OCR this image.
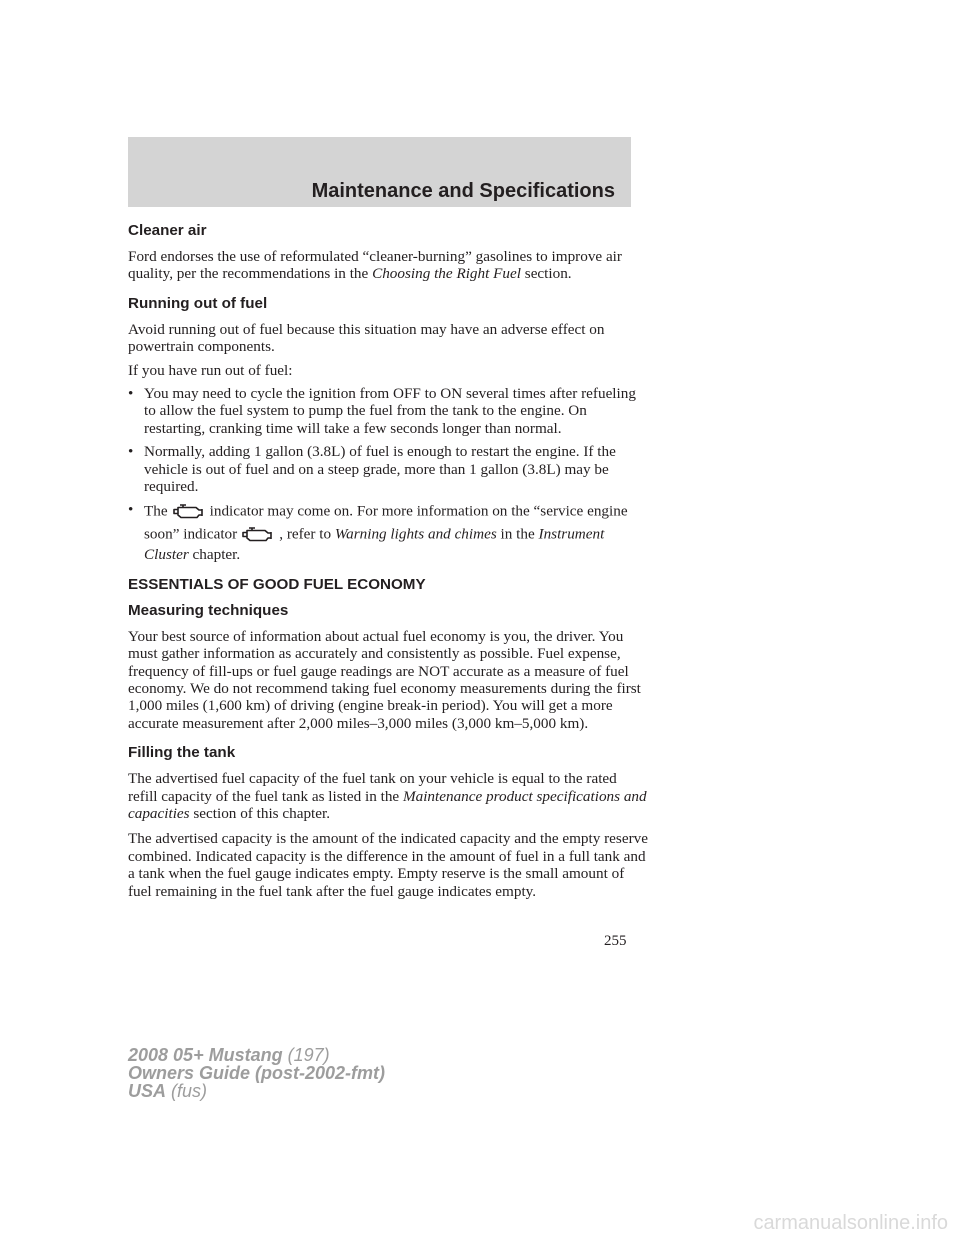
Maintenance and Specifications
Cleaner air

Ford endorses the use of reformulated “cleaner-burning” gasolines to improve air quality, per the recommendations in the Choosing the Right Fuel section.

Running out of fuel

Avoid running out of fuel because this situation may have an adverse effect on powertrain components.

If you have run out of fuel:

• You may need to cycle the ignition from OFF to ON several times after refueling to allow the fuel system to pump the fuel from the tank to the engine. On restarting, cranking time will take a few seconds longer than normal.
• Normally, adding 1 gallon (3.8L) of fuel is enough to restart the engine. If the vehicle is out of fuel and on a steep grade, more than 1 gallon (3.8L) may be required.
• The	indicator may come on. For more information on the “service engine soon” indicator	, refer to Warning lights and chimes in the Instrument Cluster chapter.
ESSENTIALS OF GOOD FUEL ECONOMY
Measuring techniques

Your best source of information about actual fuel economy is you, the driver. You must gather information as accurately and consistently as possible. Fuel expense, frequency of fill-ups or fuel gauge readings are NOT accurate as a measure of fuel economy. We do not recommend taking fuel economy measurements during the first 1,000 miles (1,600 km) of driving (engine break-in period). You will get a more accurate measurement after 2,000 miles–3,000 miles (3,000 km–5,000 km).

Filling the tank

The advertised fuel capacity of the fuel tank on your vehicle is equal to the rated refill capacity of the fuel tank as listed in the Maintenance product specifications and capacities section of this chapter.

The advertised capacity is the amount of the indicated capacity and the empty reserve combined. Indicated capacity is the difference in the amount of fuel in a full tank and a tank when the fuel gauge indicates empty. Empty reserve is the small amount of fuel remaining in the fuel tank after the fuel gauge indicates empty.

255
2008 05+ Mustang (197)
Owners Guide (post-2002-fmt)
USA (fus)
carmanualsonline.info
